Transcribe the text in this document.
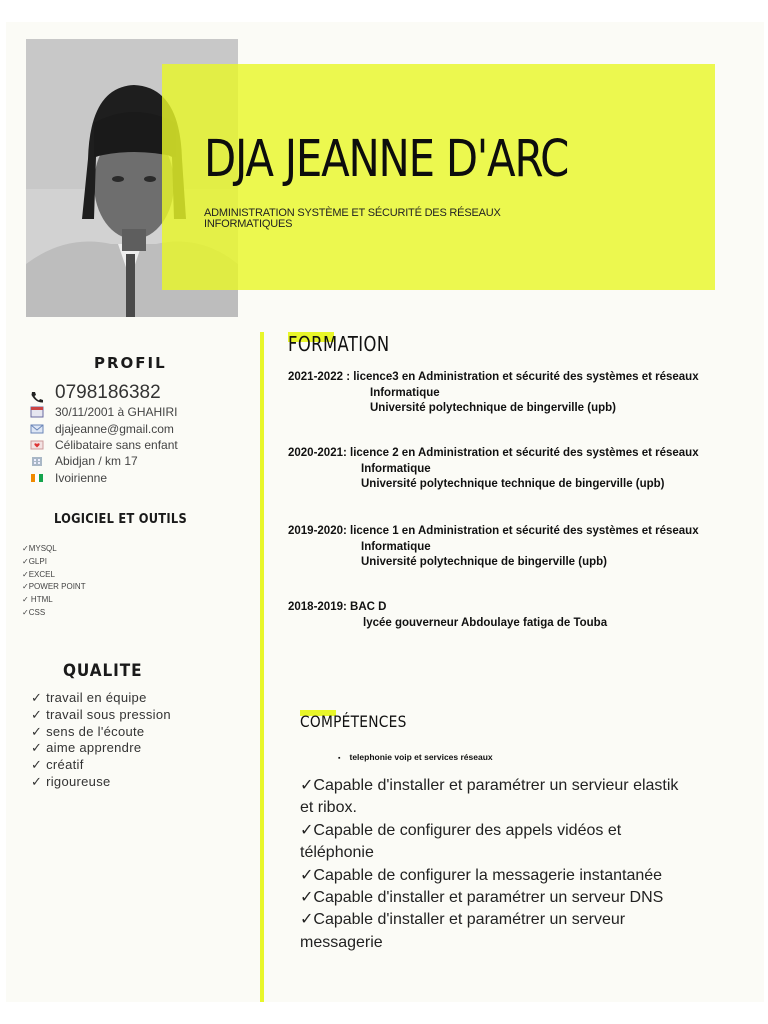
DJA JEANNE D'ARC
ADMINISTRATION SYSTÈME ET SÉCURITÉ DES RÉSEAUX INFORMATIQUES
PROFIL
0798186382
30/11/2001 à GHAHIRI
djajeanne@gmail.com
Célibataire sans enfant
Abidjan / km 17
Ivoirienne
LOGICIEL ET OUTILS
✓MYSQL
✓GLPI
✓EXCEL
✓POWER POINT
✓ HTML
✓CSS
QUALITE
✓ travail en équipe
✓ travail sous pression
✓ sens de l'écoute
✓ aime apprendre
✓ créatif
✓ rigoureuse
FORMATION
2021-2022 : licence3 en Administration et sécurité des systèmes et réseaux
Informatique
Université polytechnique de bingerville (upb)
2020-2021: licence 2 en Administration et sécurité des systèmes et réseaux
Informatique
Université polytechnique technique de bingerville (upb)
2019-2020: licence 1 en Administration et sécurité des systèmes et réseaux
Informatique
Université polytechnique de bingerville (upb)
2018-2019: BAC D
lycée gouverneur Abdoulaye fatiga de Touba
COMPÉTENCES
▪ telephonie voip et services réseaux
✓Capable d'installer et paramétrer un servieur elastik et ribox.
✓Capable de configurer des appels vidéos et téléphonie
✓Capable de configurer la messagerie instantanée
✓Capable d'installer et paramétrer un serveur DNS
✓Capable d'installer et paramétrer un serveur messagerie
